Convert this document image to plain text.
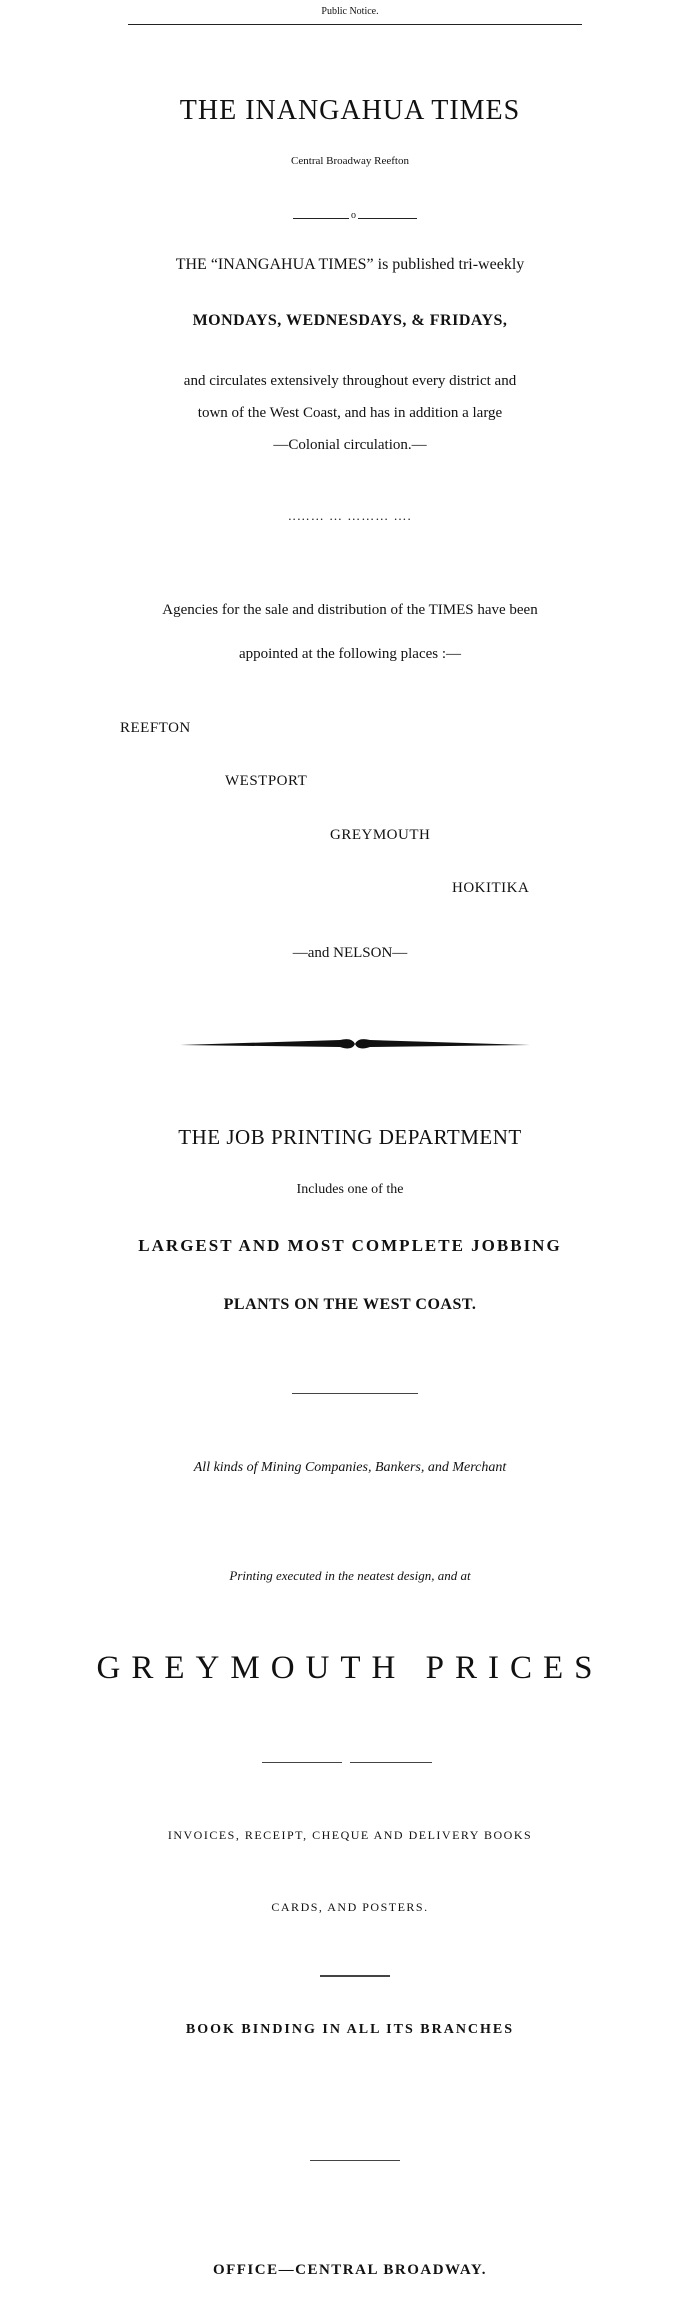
Public Notice.
THE INANGAHUA TIMES
Central Broadway Reefton
o
THE “INANGAHUA TIMES” is published tri-weekly
MONDAYS, WEDNESDAYS, & FRIDAYS,
and circulates extensively throughout every district and
town of the West Coast, and has in addition a large
—Colonial circulation.—
..…… … ……… ….
Agencies for the sale and distribution of the TIMES have been
appointed at the following places :—
REEFTON
WESTPORT
GREYMOUTH
HOKITIKA
—and NELSON—
THE JOB PRINTING DEPARTMENT
Includes one of the
LARGEST AND MOST COMPLETE JOBBING
PLANTS ON THE WEST COAST.
All kinds of Mining Companies, Bankers, and Merchant
Printing executed in the neatest design, and at
GREYMOUTH PRICES
INVOICES, RECEIPT, CHEQUE AND DELIVERY BOOKS
CARDS, AND POSTERS.
BOOK BINDING IN ALL ITS BRANCHES
OFFICE—CENTRAL BROADWAY.
